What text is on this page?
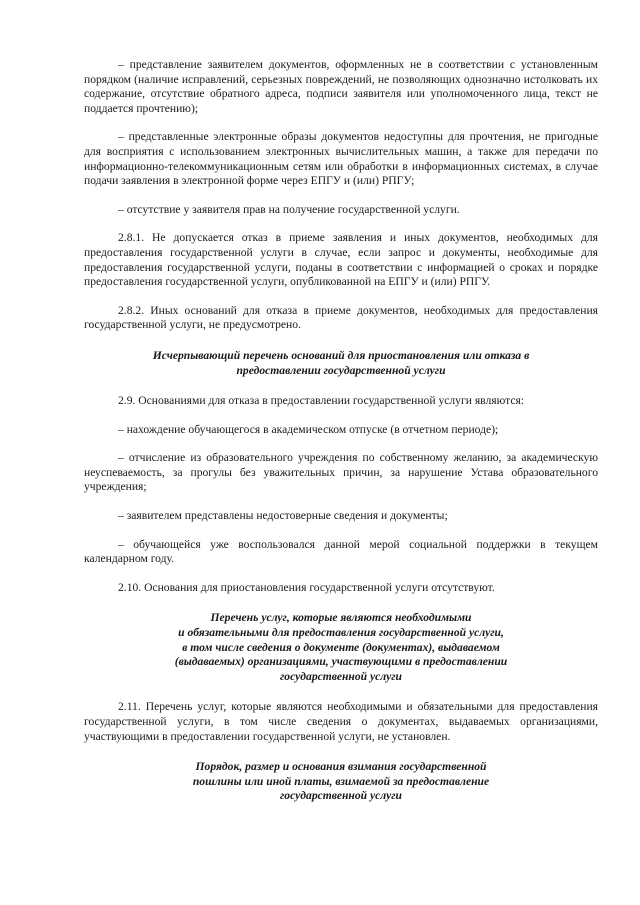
– представление заявителем документов, оформленных не в соответствии с установленным порядком (наличие исправлений, серьезных повреждений, не позволяющих однозначно истолковать их содержание, отсутствие обратного адреса, подписи заявителя или уполномоченного лица, текст не поддается прочтению);

– представленные электронные образы документов недоступны для прочтения, не пригодные для восприятия с использованием электронных вычислительных машин, а также для передачи по информационно-телекоммуникационным сетям или обработки в информационных системах, в случае подачи заявления в электронной форме через ЕПГУ и (или) РПГУ;

– отсутствие у заявителя прав на получение государственной услуги.

2.8.1. Не допускается отказ в приеме заявления и иных документов, необходимых для предоставления государственной услуги в случае, если запрос и документы, необходимые для предоставления государственной услуги, поданы в соответствии с информацией о сроках и порядке предоставления государственной услуги, опубликованной на ЕПГУ и (или) РПГУ.

2.8.2. Иных оснований для отказа в приеме документов, необходимых для предоставления государственной услуги, не предусмотрено.

Исчерпывающий перечень оснований для приостановления или отказа в
предоставлении государственной услуги

2.9. Основаниями для отказа в предоставлении государственной услуги являются:

– нахождение обучающегося в академическом отпуске (в отчетном периоде);

– отчисление из образовательного учреждения по собственному желанию, за академическую неуспеваемость, за прогулы без уважительных причин, за нарушение Устава образовательного учреждения;

– заявителем представлены недостоверные сведения и документы;

– обучающейся уже воспользовался данной мерой социальной поддержки в текущем календарном году.

2.10. Основания для приостановления государственной услуги отсутствуют.

Перечень услуг, которые являются необходимыми
и обязательными для предоставления государственной услуги,
в том числе сведения о документе (документах), выдаваемом
(выдаваемых) организациями, участвующими в предоставлении
государственной услуги

2.11. Перечень услуг, которые являются необходимыми и обязательными для предоставления государственной услуги, в том числе сведения о документах, выдаваемых организациями, участвующими в предоставлении государственной услуги, не установлен.

Порядок, размер и основания взимания государственной
пошлины или иной платы, взимаемой за предоставление
государственной услуги
